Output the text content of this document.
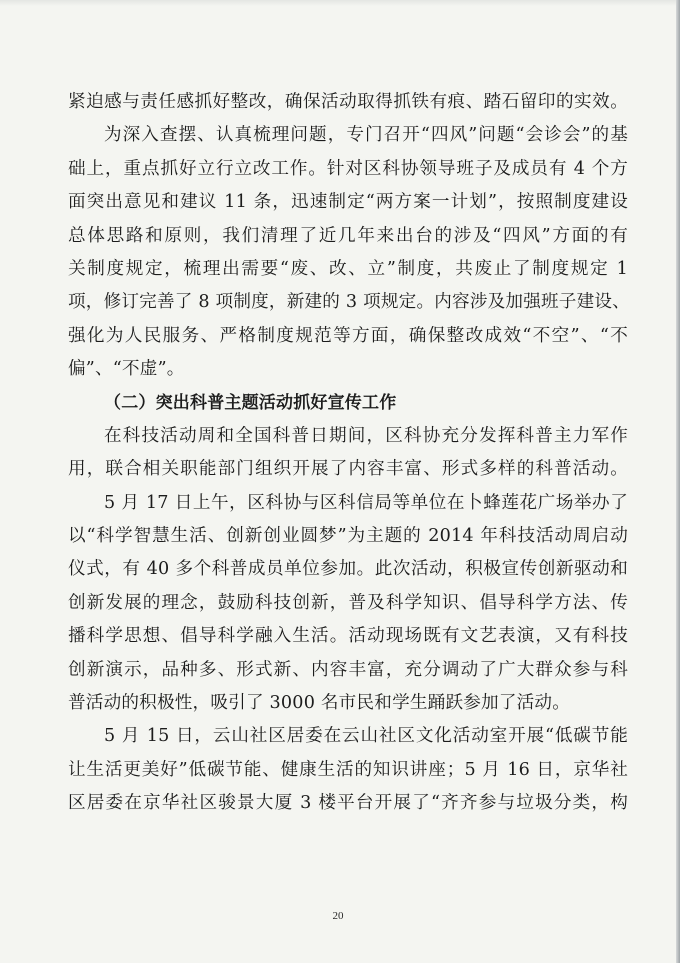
紧迫感与责任感抓好整改，确保活动取得抓铁有痕、踏石留印的实效。
为深入查摆、认真梳理问题，专门召开“四风”问题“会诊会”的基
础上，重点抓好立行立改工作。针对区科协领导班子及成员有 4 个方
面突出意见和建议 11 条，迅速制定“两方案一计划”，按照制度建设
总体思路和原则，我们清理了近几年来出台的涉及“四风”方面的有
关制度规定，梳理出需要“废、改、立”制度，共废止了制度规定 1
项，修订完善了 8 项制度，新建的 3 项规定。内容涉及加强班子建设、
强化为人民服务、严格制度规范等方面，确保整改成效“不空”、“不
偏”、“不虚”。
（二）突出科普主题活动抓好宣传工作
在科技活动周和全国科普日期间，区科协充分发挥科普主力军作
用，联合相关职能部门组织开展了内容丰富、形式多样的科普活动。
5 月 17 日上午，区科协与区科信局等单位在卜蜂莲花广场举办了
以“科学智慧生活、创新创业圆梦”为主题的 2014 年科技活动周启动
仪式，有 40 多个科普成员单位参加。此次活动，积极宣传创新驱动和
创新发展的理念，鼓励科技创新，普及科学知识、倡导科学方法、传
播科学思想、倡导科学融入生活。活动现场既有文艺表演，又有科技
创新演示，品种多、形式新、内容丰富，充分调动了广大群众参与科
普活动的积极性，吸引了 3000 名市民和学生踊跃参加了活动。
5 月 15 日，云山社区居委在云山社区文化活动室开展“低碳节能
让生活更美好”低碳节能、健康生活的知识讲座；5 月 16 日，京华社
区居委在京华社区骏景大厦 3 楼平台开展了“齐齐参与垃圾分类，构
20
